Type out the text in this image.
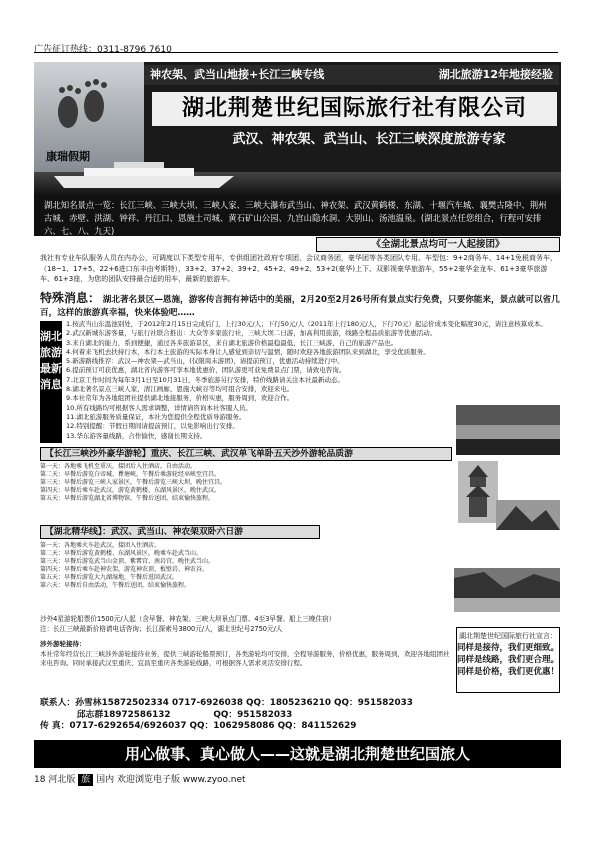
广告征订热线：0311-8796 7610
康瑞假期
神农架、武当山地接+长江三峡专线	湖北旅游12年地接经验
湖北荆楚世纪国际旅行社有限公司
武汉、神农架、武当山、长江三峡深度旅游专家
湖北知名景点一览：长江三峡、三峡大坝、三峡人家、三峡大瀑布武当山、神农架、武汉黄鹤楼、东湖、十堰汽车城、襄樊古隆中、荆州古城、赤壁、洪湖、钟祥、丹江口、恩施土司城、黄石矿山公园、九宫山隐水洞、大别山、汤池温泉。(湖北景点任您组合，行程可安排六、七、八、九天)
《全湖北景点均可一人起接团》
我社有专业车队服务人员在内办公，可调度以下类型专用车，专供组团社政府专项团，会议商务团，豪华团等各类团队专用。车型包：9+2商务车、14+1免税商务车，（18~1、17+5、22+6进口东丰由考斯特），33+2、37+2、39+2、45+2、49+2、53+2(豪华)上下、双影视豪华旅游车，55+2豪华金龙车、61+3豪华旅游车、61+3座，为您的团队安排最合适的用车，最新的旅游车。
特殊消息： 湖北著名景区—恩施，游客传言拥有神话中的美丽，2月20至2月26号所有景点实行免费，只要你能来，景点就可以省几百，这样的旅游真幸福，快来体验吧……
湖北旅游最新消息
1.按武当山东温池别处，于2012年2月15日完成后门，上行30元/人；下行50元/人（2011年上行180元/人，下行70元）起运价成本变化幅度30元，请注意核算成本。
2.武汉新城东游客量，与旅行社联合推出：大众等多家旅行社，三峡大坝二日游，加高利用旅游，线路全程品质旅游等优惠活动。
3.来自湖北的能力，系到便捷，通过各多旅游景区，来自湖北旅游价格最稳最低，长江三峡游，自己的旅游产品也。
4.何着来飞机去扶持行本，本行本土旅游的实际本身让人感觉到亲切与温情，随时欢迎各地旅游团队来到湖北，享受优质服务。
5.新游路线推荐：武汉—神农架—武当山，(仅限周末游团)，请提前预订，优惠活动持续进行中。
6.提前预订可获优惠，湖北省内游客可享本地优惠价，团队游更可获免费景点门票，请致电咨询。
7.北京工作时间为每年3月1日至10月31日，冬季旅游另行安排，特价线路请关注本社最新动态。
8.湖北著名景点三峡人家、清江画廊、恩施大峡谷等均可组合安排，欢迎来电。
9.本社常年为各地组团社提供湖北地接服务，价格实惠，服务周到，欢迎合作。
10.所有线路均可根据客人需求调整，详情请咨询本社客服人员。
11.湖北旅游服务质量保证，本社为您提供全程优质导游服务。
12.特别提醒：节假日期间请提前预订，以免影响出行安排。
13.华东游客量线路，合作愉快，感谢长期支持。
【长江三峡沙外豪华游轮】重庆、长江三峡、武汉单飞单卧五天沙外游轮品质游
第一天：各地乘飞机至重庆，接团后入住酒店，自由活动。
第二天：早餐后游览白帝城、瞿塘峡，午餐后乘游轮经巫峡至宜昌。
第三天：早餐后游览三峡人家景区，午餐后游览三峡大坝，晚住宜昌。
第四天：早餐后乘车赴武汉，游览黄鹤楼、东湖风景区，晚住武汉。
第五天：早餐后游览湖北省博物馆，午餐后送团，结束愉快旅程。
【湖北精华线】：武汉、武当山、神农架双卧六日游
第一天：各地乘火车赴武汉，接团入住酒店。
第二天：早餐后游览黄鹤楼、东湖风景区，晚乘车赴武当山。
第三天：早餐后游览武当山金顶、紫霄宫、南岩宫，晚住武当山。
第四天：早餐后乘车赴神农架，游览神农顶、板壁岩、神农谷。
第五天：早餐后游览大九湖湿地，午餐后返回武汉。
第六天：早餐后自由活动，午餐后送团，结束愉快旅程。
沙外4星游轮船票价1500元/人起（含早餐、神农架、三峡大坝景点门票、4至3早餐、船上三晚住宿）
注：长江三峡最新价格请电话咨询；长江探索号3800元/人，湖北世纪号2750元/人
涉外游轮接待：
本社常年经营长江三峡涉外游轮接待业务，提供三峡游轮船票预订，各类游轮均可安排，全程导游服务，价格优惠，服务周到，欢迎各地组团社来电咨询。同时承接武汉至重庆、宜昌至重庆各类游轮线路，可根据客人需求灵活安排行程。
湖北荆楚世纪国际旅行社宣言：
同样是接待，我们更细致。
同样是线路，我们更合理。
同样是价格，我们更优惠！
联系人：孙雪林15872502334 0717-6926038 QQ：1805236210 QQ：951582033
邱志群18972586132              QQ：951582033
传 真：0717-6292654/6926037 QQ：1062958086 QQ：841152629
用心做事、真心做人——这就是湖北荆楚世纪国旅人
18 河北版 旅 国内 欢迎浏览电子版 www.zyoo.net
